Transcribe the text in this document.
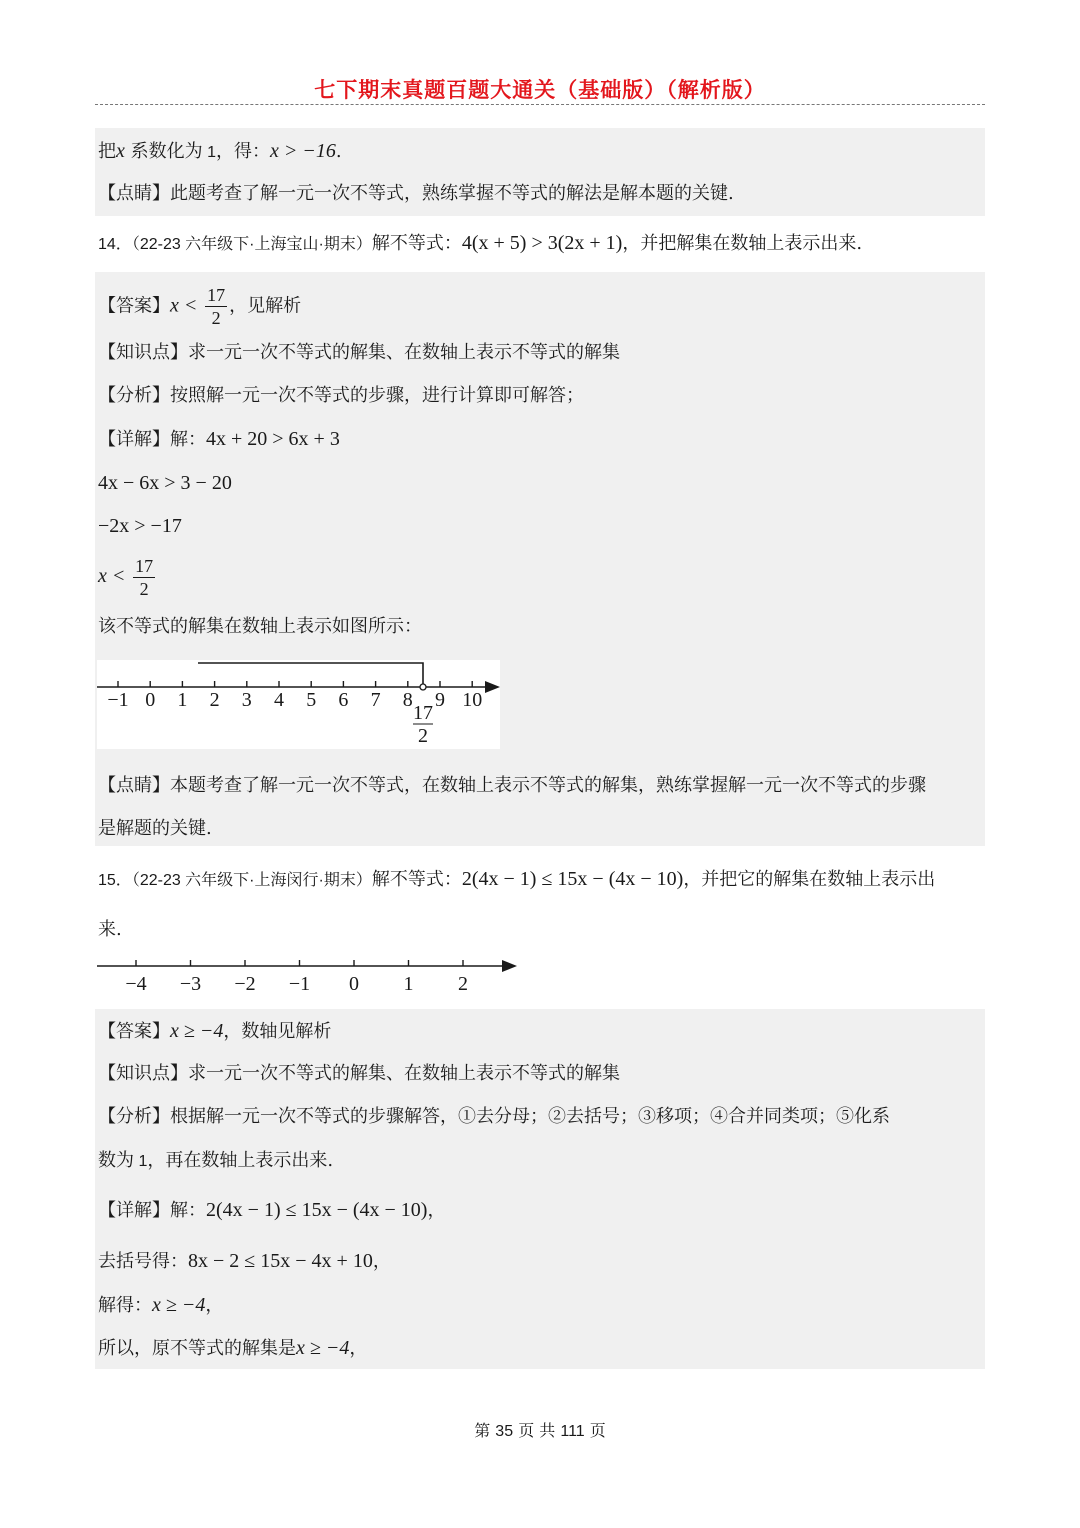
七下期末真题百题大通关（基础版）（解析版）
把x 系数化为 1，得：x > −16.
【点睛】此题考查了解一元一次不等式，熟练掌握不等式的解法是解本题的关键.
14．（22-23 六年级下·上海宝山·期末）解不等式：4(x + 5) > 3(2x + 1)，并把解集在数轴上表示出来.
【答案】$x < \frac{17}{2}$ ，见解析
【知识点】求一元一次不等式的解集、在数轴上表示不等式的解集
【分析】按照解一元一次不等式的步骤，进行计算即可解答；
【详解】解：4x + 20 > 6x + 3
4x − 6x > 3 − 20
−2x > −17
$x < \frac{17}{2}$
该不等式的解集在数轴上表示如图所示：
−1 0 1 2 3 4 5 6 7 8 9 10
17
2
【点睛】本题考查了解一元一次不等式，在数轴上表示不等式的解集，熟练掌握解一元一次不等式的步骤
是解题的关键.
15．（22-23 六年级下·上海闵行·期末）解不等式：2(4x − 1) ≤ 15x − (4x − 10)，并把它的解集在数轴上表示出
来.
−4 −3 −2 −1 0 1 2
【答案】x ≥ −4，数轴见解析
【知识点】求一元一次不等式的解集、在数轴上表示不等式的解集
【分析】根据解一元一次不等式的步骤解答，①去分母；②去括号；③移项；④合并同类项；⑤化系
数为 1，再在数轴上表示出来.
【详解】解：2(4x − 1) ≤ 15x − (4x − 10)，
去括号得：8x − 2 ≤ 15x − 4x + 10，
解得：x ≥ −4，
所以，原不等式的解集是x ≥ −4，
第 35 页 共 111 页
